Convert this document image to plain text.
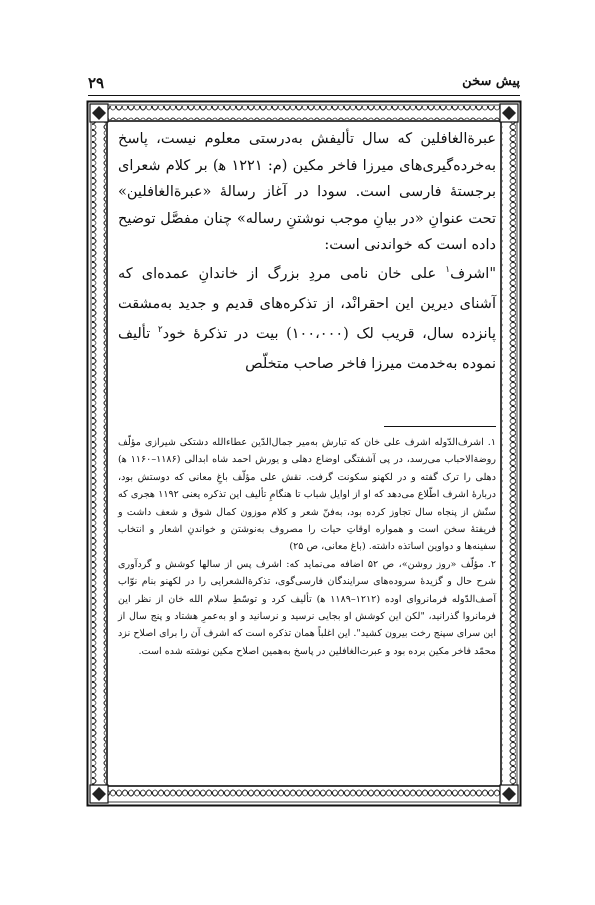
۲۹	پیش سخن

عبرةالغافلین که سال تألیفش به‌درستی معلوم نیست، پاسخ به‌خرده‌گیری‌های میرزا فاخر مکین (م: ۱۲۲۱ ﻫ) بر کلام شعرای برجستهٔ فارسی است. سودا در آغاز رسالهٔ «عبرةالغافلین» تحت عنوانِ «در بیانِ موجب نوشتنِ رساله» چنان مفصَّل توضیح داده است که خواندنی است:

"اشرف$^۱$ علی خان نامی مردِ بزرگ از خاندانِ عمده‌ای که آشنای دیرین این احقرانْد، از تذکره‌های قدیم و جدید به‌مشقت پانزده سال، قریب لک (۱۰۰،۰۰۰) بیت در تذکرهٔ خود$^۲$ تألیف نموده به‌خدمت میرزا فاخر صاحب متخلّص

۱.اشرف‌الدّوله اشرف علی خان که تبارش به‌میر جمال‌الدّین عطاءالله دشتکی شیرازی مؤلّف روضةالاحباب می‌رسد، در پی آشفتگی اوضاع دهلی و یورش احمد شاه ابدالی (۱۱۸۶–۱۱۶۰ ﻫ) دهلی را ترک گفته و در لکهنو سکونت گرفت. نقش علی مؤلّف باغِ معانی که دوستش بود، دربارهٔ اشرف اطّلاع می‌دهد که او از اوایل شباب تا هنگامِ تألیف این تذکره یعنی ۱۱۹۲ هجری که سنّش از پنجاه سال تجاوز کرده بود، به‌فنّ شعر و کلام موزون کمال شوق و شعف داشت و فریفتهٔ سخن است و همواره اوقاتِ حیات را مصروف به‌نوشتن و خواندنِ اشعار و انتخاب سفینه‌ها و دواوین اساتذه داشته. (باغ معانی، ص ۲۵)

۲.مؤلّف «روز روشن»، ص ۵۲ اضافه می‌نماید که: اشرف پس از سالها کوشش و گردآوری شرح حال و گزیدهٔ سروده‌های سرایندگان فارسی‌گوی، تذکرةالشعرایی را در لکهنو بنام نوّاب آصف‌الدّوله فرمانروای اوده (۱۲۱۲–۱۱۸۹ ﻫ) تألیف کرد و توسّطِ سلام الله خان از نظر این فرمانروا گذرانید، "لکن این کوشش او بجایی نرسید و نرسانید و او به‌عمرِ هشتاد و پنج سال از این سرای سپنج رخت بیرون کشید". این اغلباً همان تذکره است که اشرف آن را برای اصلاح نزد محمّد فاخر مکین برده بود و عبرت‌الغافلین در پاسخ به‌همین اصلاح مکین نوشته شده است.
